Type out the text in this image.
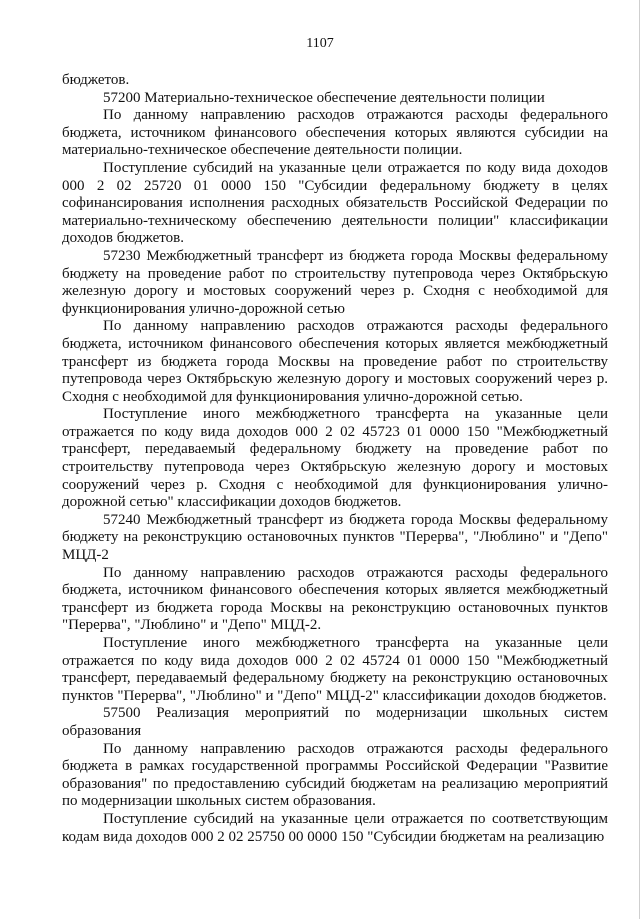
1107

бюджетов.

57200 Материально-техническое обеспечение деятельности полиции

По данному направлению расходов отражаются расходы федерального бюджета, источником финансового обеспечения которых являются субсидии на материально-техническое обеспечение деятельности полиции.

Поступление субсидий на указанные цели отражается по коду вида доходов 000 2 02 25720 01 0000 150 "Субсидии федеральному бюджету в целях софинансирования исполнения расходных обязательств Российской Федерации по материально-техническому обеспечению деятельности полиции" классификации доходов бюджетов.

57230 Межбюджетный трансферт из бюджета города Москвы федеральному бюджету на проведение работ по строительству путепровода через Октябрьскую железную дорогу и мостовых сооружений через р. Сходня с необходимой для функционирования улично-дорожной сетью

По данному направлению расходов отражаются расходы федерального бюджета, источником финансового обеспечения которых является межбюджетный трансферт из бюджета города Москвы на проведение работ по строительству путепровода через Октябрьскую железную дорогу и мостовых сооружений через р. Сходня с необходимой для функционирования улично-дорожной сетью.

Поступление иного межбюджетного трансферта на указанные цели отражается по коду вида доходов 000 2 02 45723 01 0000 150 "Межбюджетный трансферт, передаваемый федеральному бюджету на проведение работ по строительству путепровода через Октябрьскую железную дорогу и мостовых сооружений через р. Сходня с необходимой для функционирования улично-дорожной сетью" классификации доходов бюджетов.

57240 Межбюджетный трансферт из бюджета города Москвы федеральному бюджету на реконструкцию остановочных пунктов "Перерва", "Люблино" и "Депо" МЦД-2

По данному направлению расходов отражаются расходы федерального бюджета, источником финансового обеспечения которых является межбюджетный трансферт из бюджета города Москвы на реконструкцию остановочных пунктов "Перерва", "Люблино" и "Депо" МЦД-2.

Поступление иного межбюджетного трансферта на указанные цели отражается по коду вида доходов 000 2 02 45724 01 0000 150 "Межбюджетный трансферт, передаваемый федеральному бюджету на реконструкцию остановочных пунктов "Перерва", "Люблино" и "Депо" МЦД-2" классификации доходов бюджетов.

57500 Реализация мероприятий по модернизации школьных систем образования

По данному направлению расходов отражаются расходы федерального бюджета в рамках государственной программы Российской Федерации "Развитие образования" по предоставлению субсидий бюджетам на реализацию мероприятий по модернизации школьных систем образования.

Поступление субсидий на указанные цели отражается по соответствующим кодам вида доходов 000 2 02 25750 00 0000 150 "Субсидии бюджетам на реализацию
